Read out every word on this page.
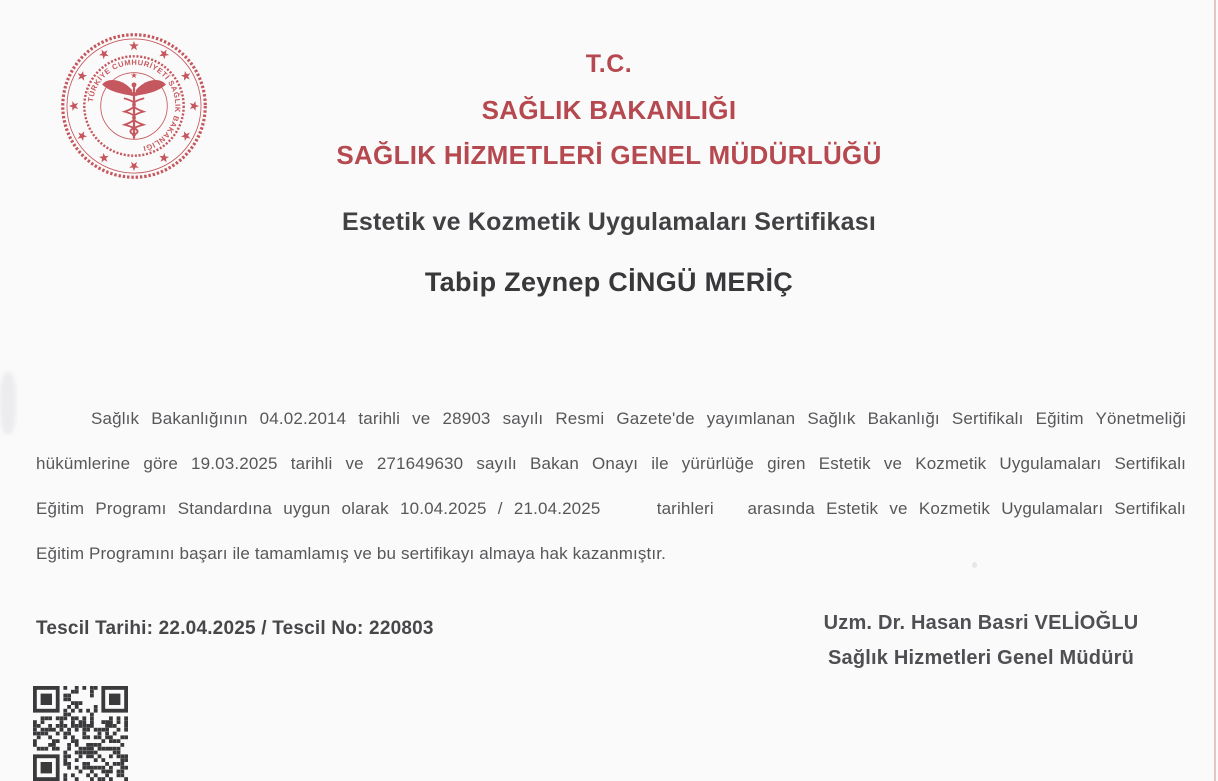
TÜRKİYE CUMHURİYETİ SAĞLIK BAKANLIĞI
T.C.
SAĞLIK BAKANLIĞI
SAĞLIK HİZMETLERİ GENEL MÜDÜRLÜĞÜ
Estetik ve Kozmetik Uygulamaları Sertifikası
Tabip Zeynep CİNGÜ MERİÇ
Sağlık Bakanlığının 04.02.2014 tarihli ve 28903 sayılı Resmi Gazete'de yayımlanan Sağlık Bakanlığı Sertifikalı Eğitim Yönetmeliği
hükümlerine göre 19.03.2025 tarihli ve 271649630 sayılı Bakan Onayı ile yürürlüğe giren Estetik ve Kozmetik Uygulamaları Sertifikalı
Eğitim Programı Standardına uygun olarak 10.04.2025 / 21.04.2025     tarihleri   arasında Estetik ve Kozmetik Uygulamaları Sertifikalı
Eğitim Programını başarı ile tamamlamış ve bu sertifikayı almaya hak kazanmıştır.
Tescil Tarihi: 22.04.2025 / Tescil No: 220803	Uzm. Dr. Hasan Basri VELİOĞLU
Sağlık Hizmetleri Genel Müdürü
